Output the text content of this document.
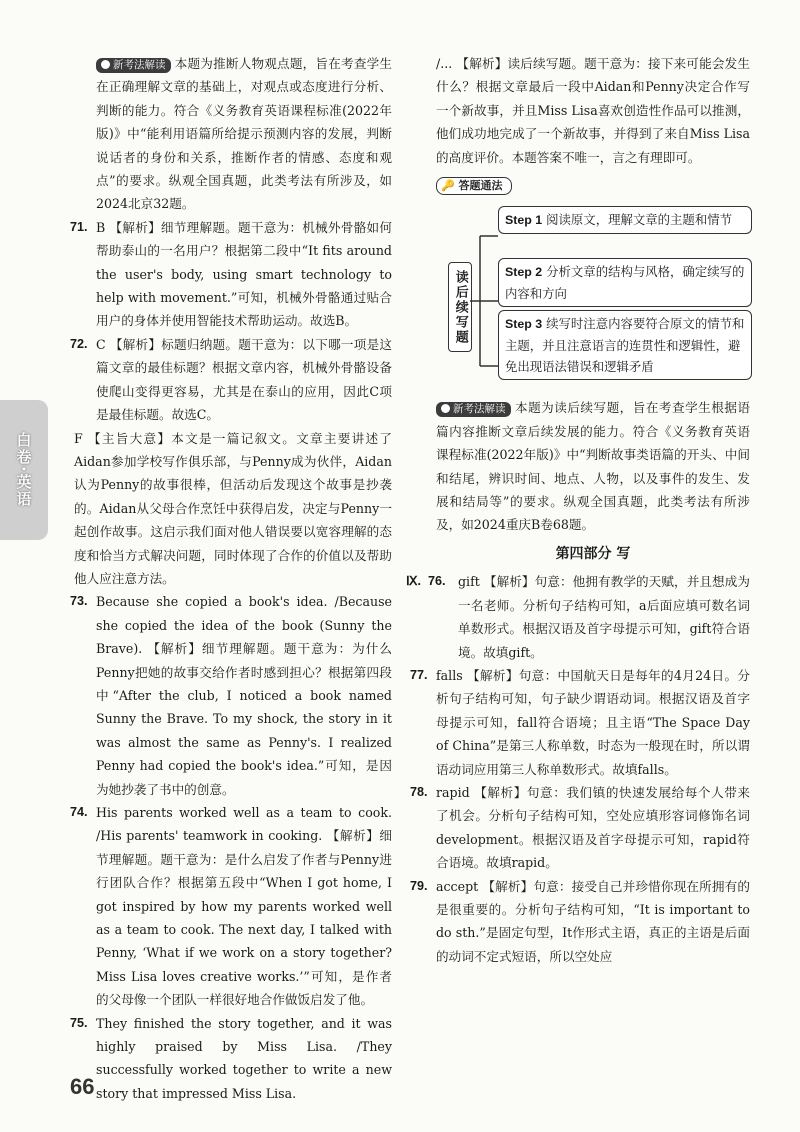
白卷·英语

新考法解读 本题为推断人物观点题，旨在考查学生在正确理解文章的基础上，对观点或态度进行分析、判断的能力。符合《义务教育英语课程标准(2022年版)》中“能利用语篇所给提示预测内容的发展，判断说话者的身份和关系，推断作者的情感、态度和观点”的要求。纵观全国真题，此类考法有所涉及，如2024北京32题。

71. B 【解析】细节理解题。题干意为：机械外骨骼如何帮助泰山的一名用户？根据第二段中“It fits around the user's body, using smart technology to help with movement.”可知，机械外骨骼通过贴合用户的身体并使用智能技术帮助运动。故选B。

72. C 【解析】标题归纳题。题干意为：以下哪一项是这篇文章的最佳标题？根据文章内容，机械外骨骼设备使爬山变得更容易，尤其是在泰山的应用，因此C项是最佳标题。故选C。

F 【主旨大意】本文是一篇记叙文。文章主要讲述了Aidan参加学校写作俱乐部，与Penny成为伙伴，Aidan认为Penny的故事很棒，但活动后发现这个故事是抄袭的。Aidan从父母合作烹饪中获得启发，决定与Penny一起创作故事。这启示我们面对他人错误要以宽容理解的态度和恰当方式解决问题，同时体现了合作的价值以及帮助他人应注意方法。

73. Because she copied a book's idea. /Because she copied the idea of the book (Sunny the Brave). 【解析】细节理解题。题干意为：为什么Penny把她的故事交给作者时感到担心？根据第四段中“After the club, I noticed a book named Sunny the Brave. To my shock, the story in it was almost the same as Penny's. I realized Penny had copied the book's idea.”可知，是因为她抄袭了书中的创意。

74. His parents worked well as a team to cook. /His parents' teamwork in cooking. 【解析】细节理解题。题干意为：是什么启发了作者与Penny进行团队合作？根据第五段中“When I got home, I got inspired by how my parents worked well as a team to cook. The next day, I talked with Penny, ‘What if we work on a story together? Miss Lisa loves creative works.’”可知，是作者的父母像一个团队一样很好地合作做饭启发了他。

75. They finished the story together, and it was highly praised by Miss Lisa. /They successfully worked together to write a new story that impressed Miss Lisa.

/... 【解析】读后续写题。题干意为：接下来可能会发生什么？根据文章最后一段中Aidan和Penny决定合作写一个新故事，并且Miss Lisa喜欢创造性作品可以推测，他们成功地完成了一个新故事，并得到了来自Miss Lisa的高度评价。本题答案不唯一，言之有理即可。

🔑 答题通法
读后续写题
Step 1 阅读原文，理解文章的主题和情节
Step 2 分析文章的结构与风格，确定续写的内容和方向
Step 3 续写时注意内容要符合原文的情节和主题，并且注意语言的连贯性和逻辑性，避免出现语法错误和逻辑矛盾

新考法解读 本题为读后续写题，旨在考查学生根据语篇内容推断文章后续发展的能力。符合《义务教育英语课程标准(2022年版)》中“判断故事类语篇的开头、中间和结尾，辨识时间、地点、人物，以及事件的发生、发展和结局等”的要求。纵观全国真题，此类考法有所涉及，如2024重庆B卷68题。

第四部分 写
Ⅸ. 76. gift 【解析】句意：他拥有教学的天赋，并且想成为一名老师。分析句子结构可知，a后面应填可数名词单数形式。根据汉语及首字母提示可知，gift符合语境。故填gift。

77. falls 【解析】句意：中国航天日是每年的4月24日。分析句子结构可知，句子缺少谓语动词。根据汉语及首字母提示可知，fall符合语境；且主语“The Space Day of China”是第三人称单数，时态为一般现在时，所以谓语动词应用第三人称单数形式。故填falls。

78. rapid 【解析】句意：我们镇的快速发展给每个人带来了机会。分析句子结构可知，空处应填形容词修饰名词development。根据汉语及首字母提示可知，rapid符合语境。故填rapid。

79. accept 【解析】句意：接受自己并珍惜你现在所拥有的是很重要的。分析句子结构可知，“It is important to do sth.”是固定句型，It作形式主语，真正的主语是后面的动词不定式短语，所以空处应

66
